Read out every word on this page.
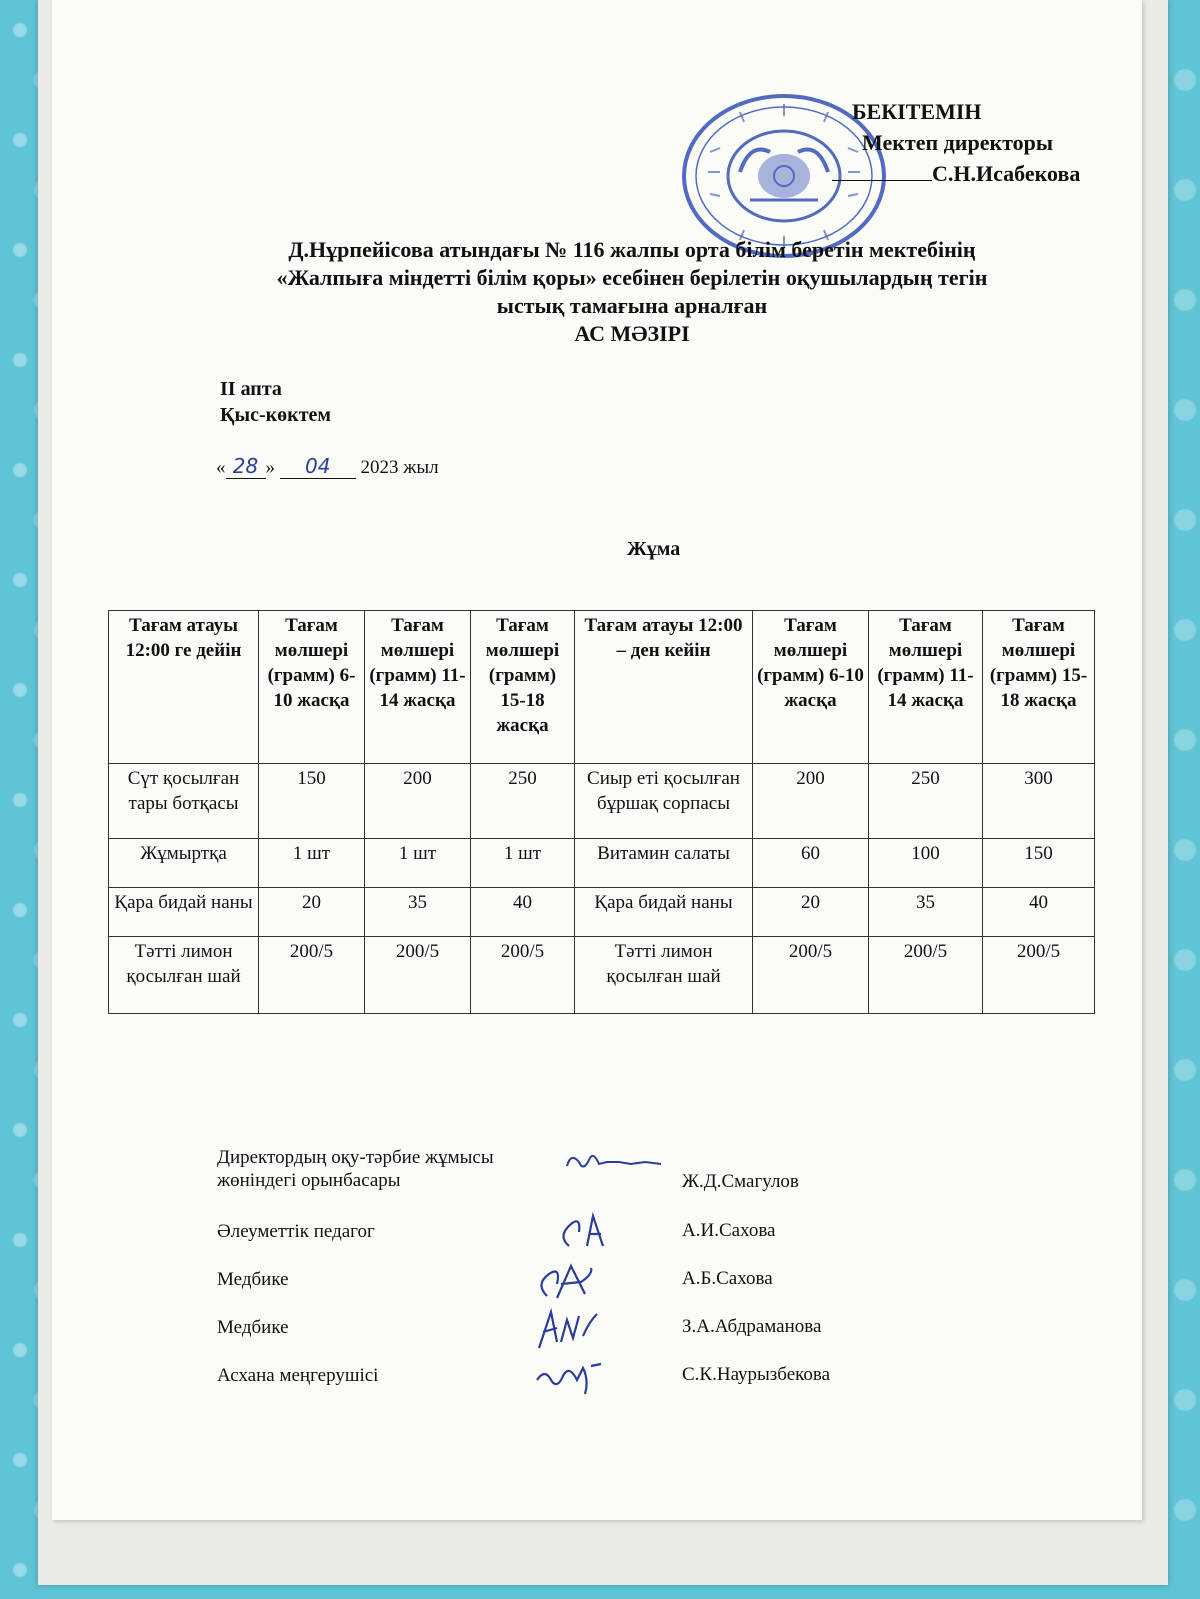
БЕКІТЕМІН
Мектеп директоры
С.Н.Исабекова
Д.Нұрпейісова атындағы № 116 жалпы орта білім беретін мектебінің
«Жалпыға міндетті білім қоры» есебінен берілетін оқушылардың тегін
ыстық тамағына арналған
АС МӘЗІРІ
ІІ апта
Қыс-көктем
« 28 » 04 2023 жыл
Жұма
Тағам атауы 12:00 ге дейін	Тағам мөлшері (грамм) 6-10 жасқа	Тағам мөлшері (грамм) 11-14 жасқа	Тағам мөлшері (грамм) 15-18 жасқа	Тағам атауы 12:00 – ден кейін	Тағам мөлшері (грамм) 6-10 жасқа	Тағам мөлшері (грамм) 11-14 жасқа	Тағам мөлшері (грамм) 15-18 жасқа
Сүт қосылған тары ботқасы	150	200	250	Сиыр еті қосылған бұршақ сорпасы	200	250	300
Жұмыртқа	1 шт	1 шт	1 шт	Витамин салаты	60	100	150
Қара бидай наны	20	35	40	Қара бидай наны	20	35	40
Тәтті лимон қосылған шай	200/5	200/5	200/5	Тәтті лимон қосылған шай	200/5	200/5	200/5
Директордың оқу-тәрбие жұмысы жөніндегі орынбасары	Ж.Д.Смагулов
Әлеуметтік педагог	А.И.Сахова
Медбике	А.Б.Сахова
Медбике	З.А.Абдраманова
Асхана меңгерушісі	С.К.Наурызбекова
